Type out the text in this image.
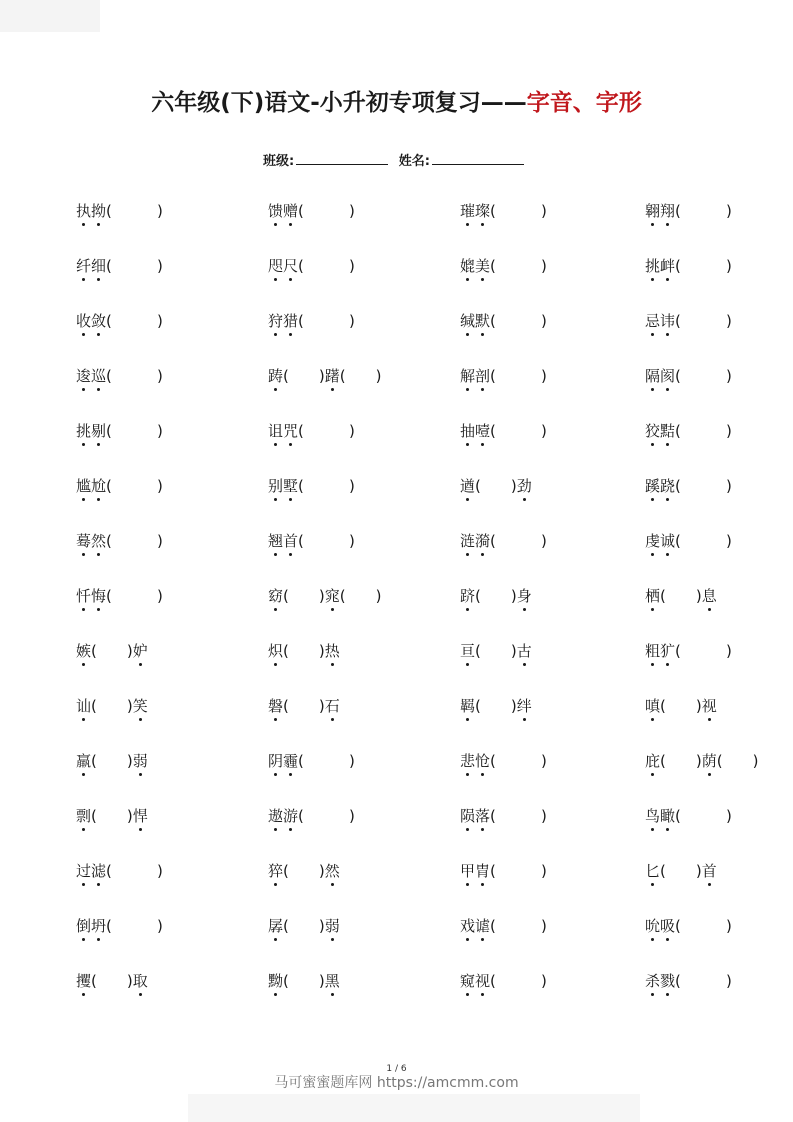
六年级(下)语文-小升初专项复习——字音、字形
班级:	姓名:
执拗(　　　	)	馈赠(　　　	)	璀璨(　　　	)	翱翔(　　　	)
纤细(　　　	)	咫尺(　　　	)	媲美(　　　	)	挑衅(　　　	)
收敛(　　　	)	狩猎(　　　	)	缄默(　　　	)	忌讳(　　　	)
逡巡(　　　	)	踌(　　 )躇(　　 )	解剖(　　　	)	隔阂(　　　	)
挑剔(　　　	)	诅咒(　　　	)	抽噎(　　　	)	狡黠(　　　	)
尴尬(　　　	)	别墅(　　　	)	遒(　　 )劲	蹊跷(　　　	)
蓦然(　　　	)	翘首(　　　	)	涟漪(　　　	)	虔诚(　　　	)
忏悔(　　　	)	窈(　　 )窕(　　 )	跻(　　 )身	栖(　　 )息
嫉(　　 )妒	炽(　　 )热	亘(　　 )古	粗犷(　　　	)
讪(　　 )笑	磐(　　 )石	羁(　　 )绊	嗔(　　 )视
羸(　　 )弱	阴霾(　　　	)	悲怆(　　　	)	庇(　　 )荫(　　 )
剽(　　 )悍	遨游(　　　	)	陨落(　　　	)	鸟瞰(　　　	)
过滤(　　　	)	猝(　　 )然	甲胄(　　　	)	匕(　　 )首
倒坍(　　　	)	孱(　　 )弱	戏谑(　　　	)	吮吸(　　　	)
攫(　　 )取	黝(　　 )黑	窥视(　　　	)	杀戮(　　　	)
1 / 6
马可蜜蜜题库网 https://amcmm.com
